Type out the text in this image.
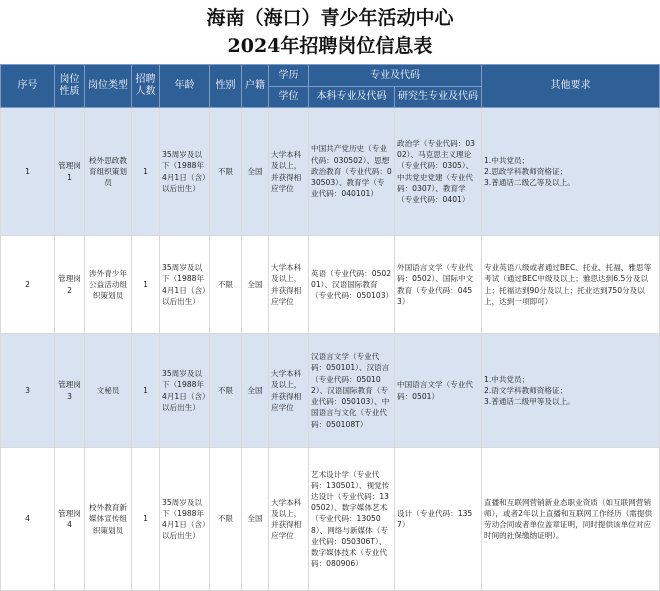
海南（海口）青少年活动中心
2024年招聘岗位信息表
序号	岗位性质	岗位类型	招聘人数	年龄	性别	户籍	学历	专业及代码		其他要求
							学位	本科专业及代码	研究生专业及代码	
1	管理岗1	校外思政教育组织策划员	1	35周岁及以下（1988年4月1日（含）以后出生）	不限	全国	大学本科及以上，并获得相应学位	中国共产党历史（专业代码：030502）、思想政治教育（专业代码：030503）、教育学（专业代码：040101）	政治学（专业代码：0302）、马克思主义理论（专业代码：0305）、中共党史党建（专业代码：0307）、教育学（专业代码：0401）	1.中共党员；
2.思政学科教师资格证；
3.普通话二级乙等及以上。
2	管理岗2	涉外青少年公益活动组织策划员	1	35周岁及以下（1988年4月1日（含）以后出生）	不限	全国	大学本科及以上，并获得相应学位	英语（专业代码：050201）、汉语国际教育（专业代码：050103）	外国语言文学（专业代码：0502）、国际中文教育（专业代码：0453）	专业英语八级或者通过BEC、托业、托福、雅思等考试（通过BEC中级及以上；雅思达到6.5分及以上；托福达到90分及以上；托业达到750分及以上，达到一项即可）
3	管理岗3	文秘员	1	35周岁及以下（1988年4月1日（含）以后出生）	不限	全国	大学本科及以上，并获得相应学位	汉语言文学（专业代码：050101）、汉语言（专业代码：050102）、汉语国际教育（专业代码：050103）、中国语言与文化（专业代码：050108T）	中国语言文学（专业代码：0501）	1.中共党员；
2.语文学科教师资格证；
3.普通话二级甲等及以上。
4	管理岗4	校外教育新媒体宣传组织策划员	1	35周岁及以下（1988年4月1日（含）以后出生）	不限	全国	大学本科及以上，并获得相应学位	艺术设计学（专业代码：130501）、视觉传达设计（专业代码：130502）、数字媒体艺术（专业代码：130508）、网络与新媒体（专业代码：050306T）、数字媒体技术（专业代码：080906）	设计（专业代码：1357）	直播和互联网营销新业态职业资质（如互联网营销师），或者2年以上直播和互联网工作经历（需提供劳动合同或者单位盖章证明，同时提供该单位对应时间的社保缴纳证明）。
